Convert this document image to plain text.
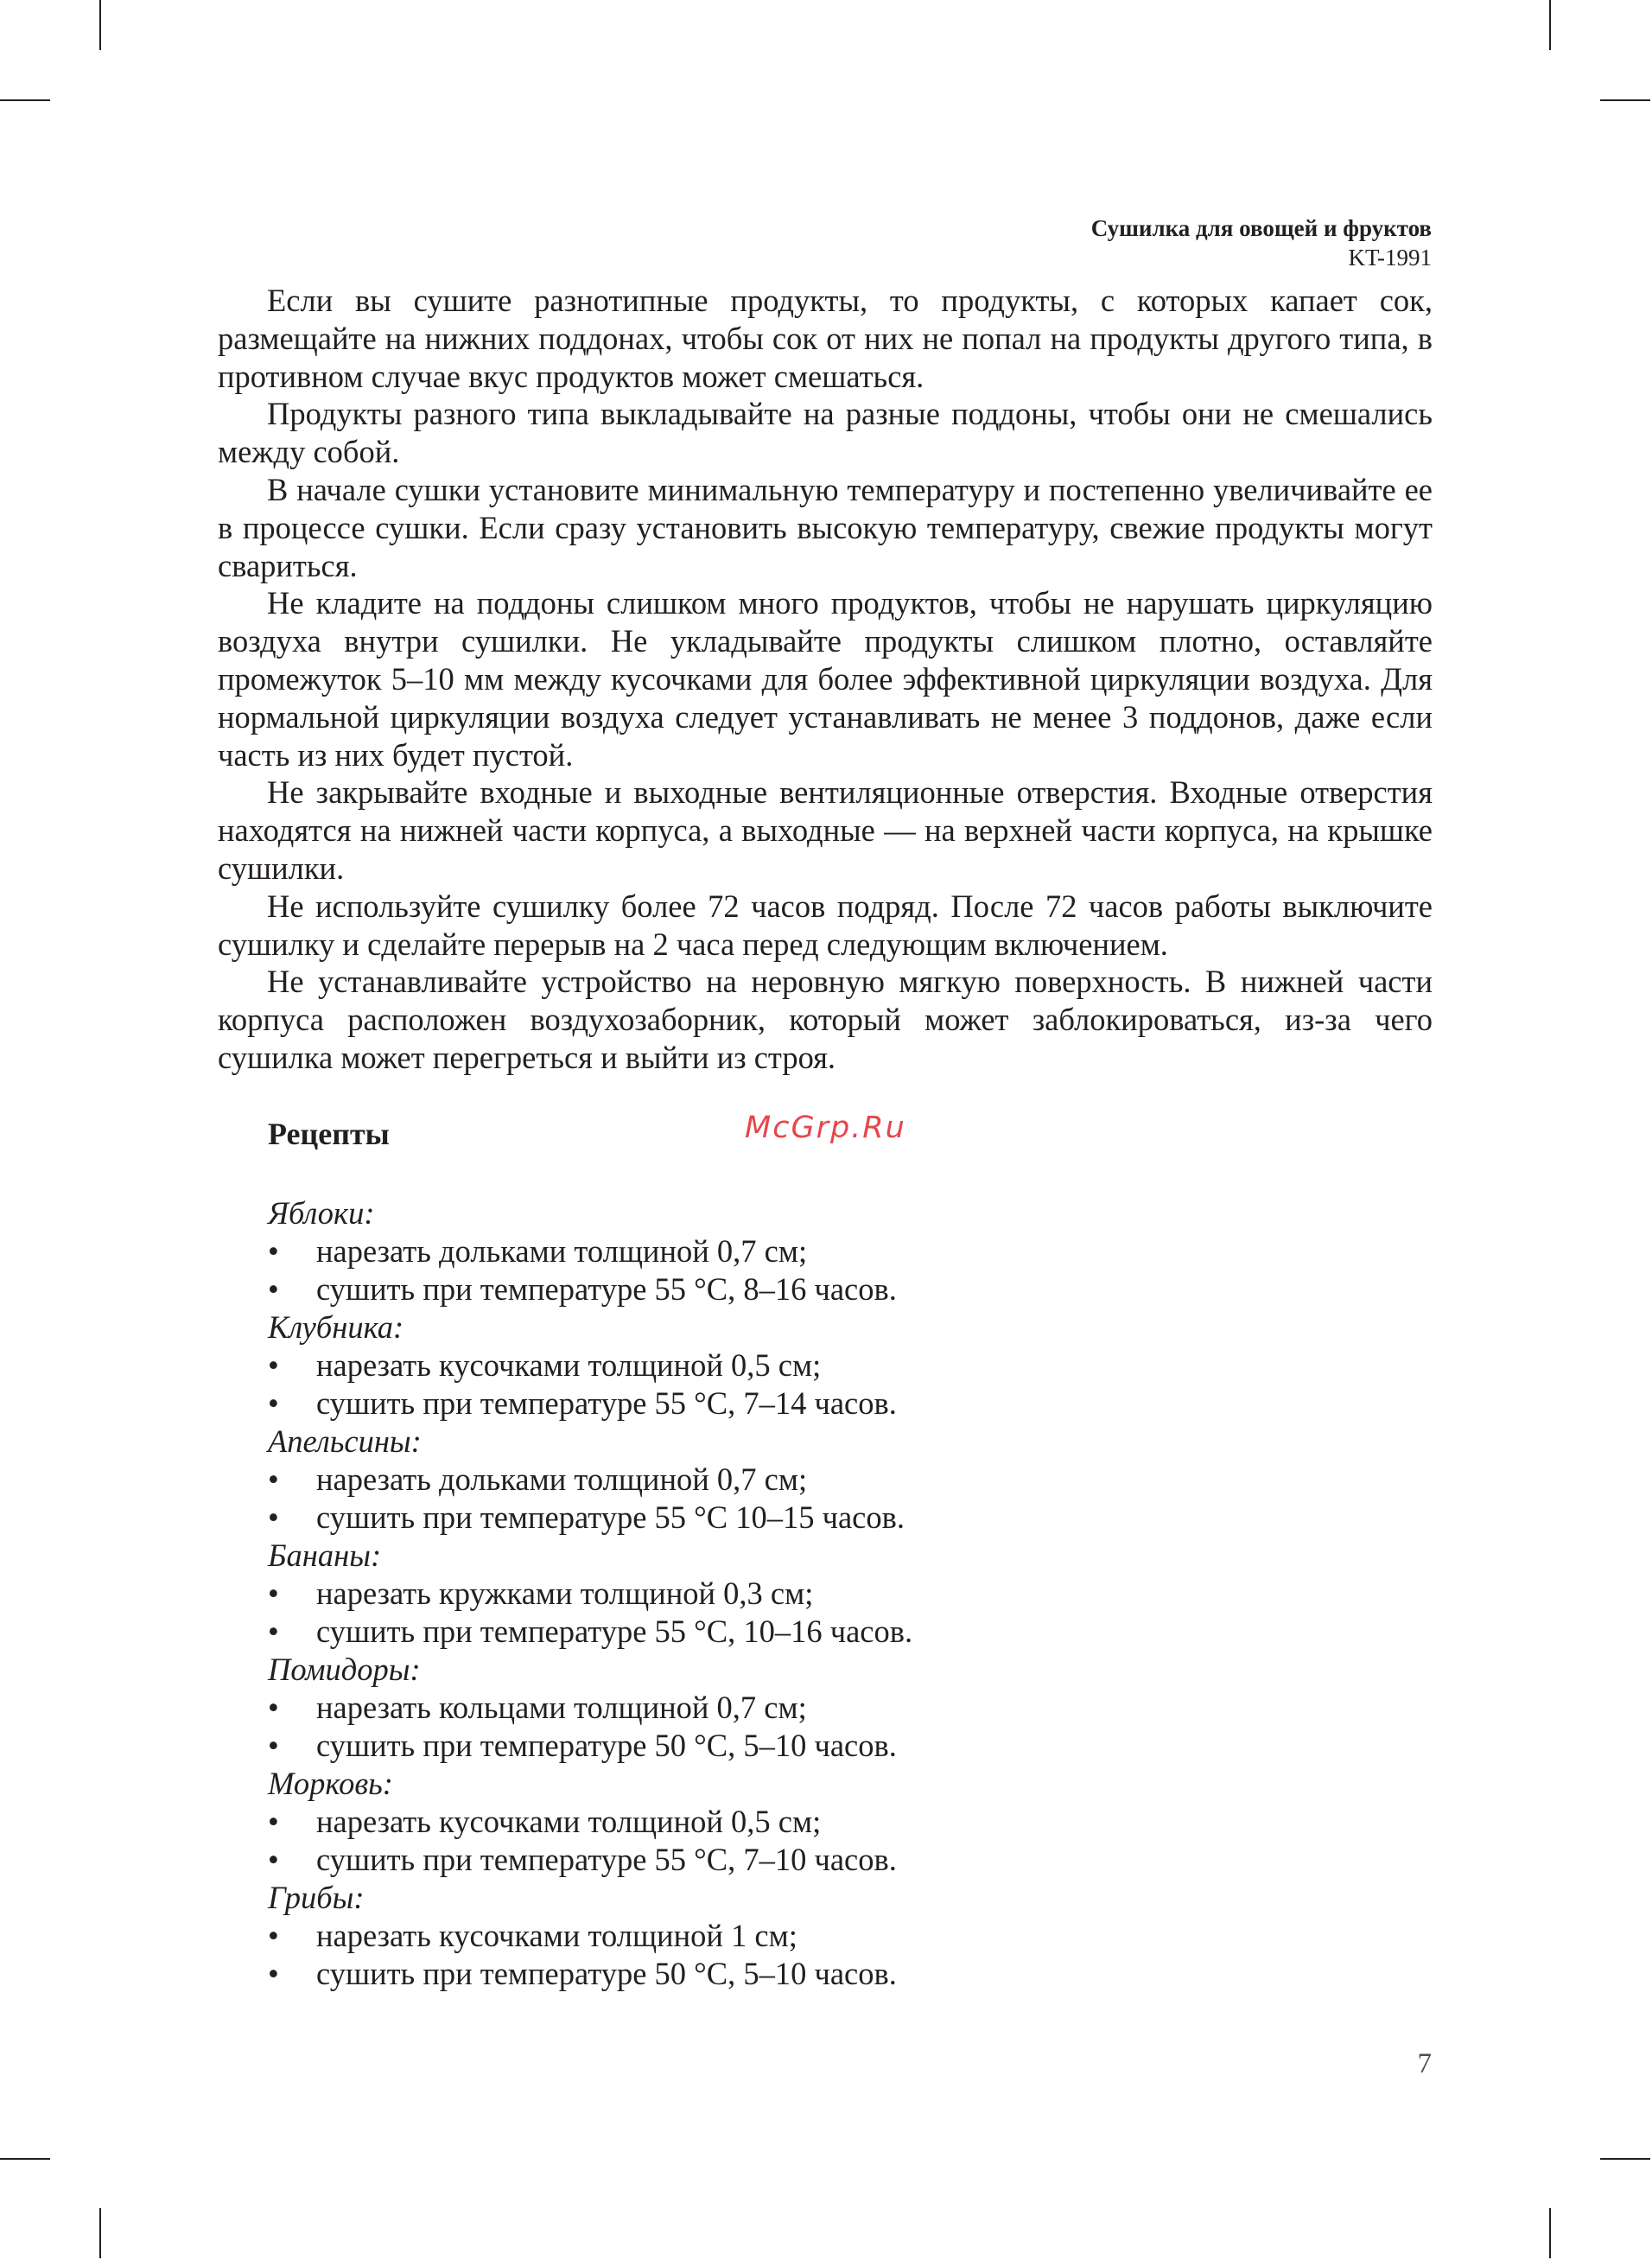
Сушилка для овощей и фруктов
KT-1991

Если вы сушите разнотипные продукты, то продукты, с которых капает сок, размещайте на нижних поддонах, чтобы сок от них не попал на продукты другого типа, в противном случае вкус продуктов может смешаться.

Продукты разного типа выкладывайте на разные поддоны, чтобы они не смешались между собой.

В начале сушки установите минимальную температуру и постепенно увеличивайте ее в процессе сушки. Если сразу установить высокую температуру, свежие продукты могут свариться.

Не кладите на поддоны слишком много продуктов, чтобы не нарушать циркуляцию воздуха внутри сушилки. Не укладывайте продукты слишком плотно, оставляйте промежуток 5–10 мм между кусочками для более эффективной циркуляции воздуха. Для нормальной циркуляции воздуха следует устанавливать не менее 3 поддонов, даже если часть из них будет пустой.

Не закрывайте входные и выходные вентиляционные отверстия. Входные отверстия находятся на нижней части корпуса, а выходные — на верхней части корпуса, на крышке сушилки.

Не используйте сушилку более 72 часов подряд. После 72 часов работы выключите сушилку и сделайте перерыв на 2 часа перед следующим включением.

Не устанавливайте устройство на неровную мягкую поверхность. В нижней части корпуса расположен воздухозаборник, который может заблокироваться, из-за чего сушилка может перегреться и выйти из строя.

Рецепты	McGrp.Ru
Яблоки:
• нарезать дольками толщиной 0,7 см;
• сушить при температуре 55 °С, 8–16 часов.
Клубника:
• нарезать кусочками толщиной 0,5 см;
• сушить при температуре 55 °С, 7–14 часов.
Апельсины:
• нарезать дольками толщиной 0,7 см;
• сушить при температуре 55 °С 10–15 часов.
Бананы:
• нарезать кружками толщиной 0,3 см;
• сушить при температуре 55 °С, 10–16 часов.
Помидоры:
• нарезать кольцами толщиной 0,7 см;
• сушить при температуре 50 °С, 5–10 часов.
Морковь:
• нарезать кусочками толщиной 0,5 см;
• сушить при температуре 55 °С, 7–10 часов.
Грибы:
• нарезать кусочками толщиной 1 см;
• сушить при температуре 50 °С, 5–10 часов.
7
